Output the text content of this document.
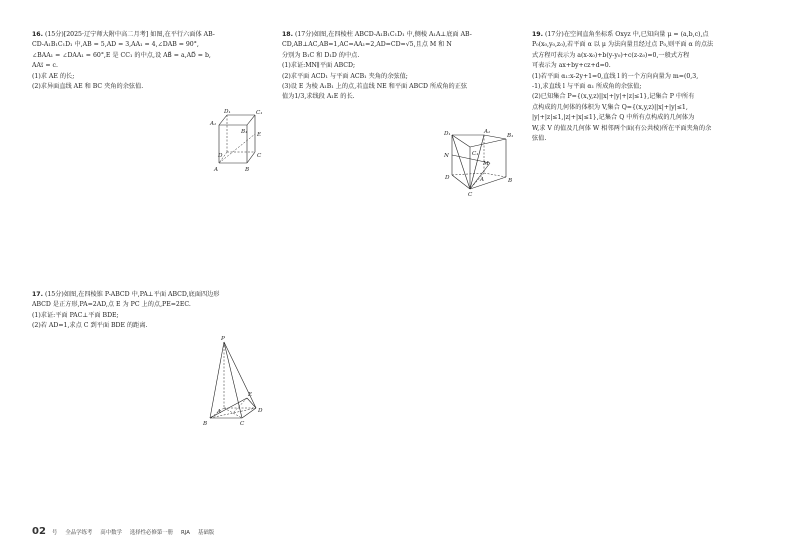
16. (15分)[2025·辽宁师大附中高二月考] 如图,在平行六面体 AB-

CD-A₁B₁C₁D₁ 中,AB = 5,AD = 3,AA₁ = 4,∠DAB = 90°,

∠BAA₁ = ∠DAA₁ = 60°,E 是 CC₁ 的中点,设 AB⃗ = a,AD⃗ = b,

AA₁⃗ = c.

(1)求 AE 的长;

(2)求异面直线 AE 和 BC 夹角的余弦值.

A₁
B₁
C₁
D₁
E
D	C
A	B

18. (17分)如图,在四棱柱 ABCD-A₁B₁C₁D₁ 中,侧棱 A₁A⊥底面 AB-

CD,AB⊥AC,AB=1,AC=AA₁=2,AD=CD=√5,且点 M 和 N

分别为 B₁C 和 D₁D 的中点.

(1)求证:MN∥平面 ABCD;

(2)求平面 ACD₁ 与平面 ACB₁ 夹角的余弦值;

(3)设 E 为棱 A₁B₁ 上的点,若直线 NE 和平面 ABCD 所成角的正弦

值为1/3,求线段 A₁E 的长.

D₁	A₁
B₁
C₁
M
N
D	A	B
C

19. (17分)在空间直角坐标系 Oxyz 中,已知向量 μ = (a,b,c),点

P₀(x₀,y₀,z₀),若平面 α 以 μ 为法向量且经过点 P₀,则平面 α 的点法

式方程可表示为 a(x-x₀)+b(y-y₀)+c(z-z₀)=0,一般式方程

可表示为 ax+by+cz+d=0.

(1)若平面 α₁:x-2y+1=0,直线 l 的一个方向向量为 m=(0,3,

-1),求直线 l 与平面 α₁ 所成角的余弦值;

(2)已知集合 P={(x,y,z)||x|+|y|+|z|≤1},记集合 P 中所有

点构成的几何体的体积为 V,集合 Q={(x,y,z)||x|+|y|≤1,

|y|+|z|≤1,|z|+|x|≤1},记集合 Q 中所有点构成的几何体为

W,求 V 的值及几何体 W 相邻两个面(有公共棱)所在平面夹角的余

弦值.

17. (15分)如图,在四棱锥 P-ABCD 中,PA⊥平面 ABCD,底面四边形

ABCD 是正方形,PA=2AD,点 E 为 PC 上的点,PE=2EC.

(1)求证:平面 PAC⊥平面 BDE;

(2)若 AD=1,求点 C 到平面 BDE 的距离.

P
E
A	D
B	C
02 号 全品学练考 高中数学 选择性必修第一册 RJA 基础版
